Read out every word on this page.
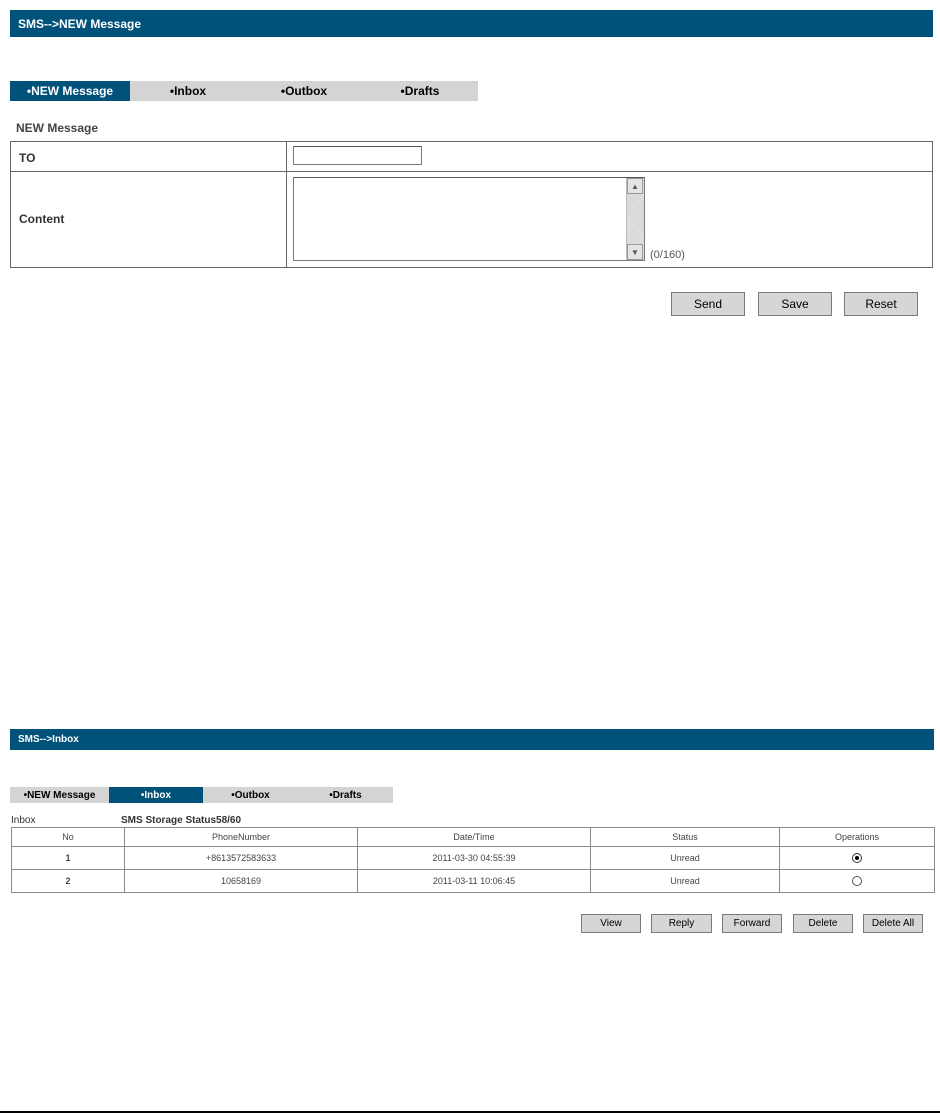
SMS-->NEW Message
•NEW Message	•Inbox	•Outbox	•Drafts
NEW Message
TO
Content
▲
▼	(0/160)
Send	Save	Reset
SMS-->Inbox
•NEW Message	•Inbox	•Outbox	•Drafts
Inbox	SMS Storage Status58/60
No	PhoneNumber	Date/Time	Status	Operations
1	+8613572583633	2011-03-30 04:55:39	Unread	

2	10658169	2011-03-11 10:06:45	Unread	
View	Reply	Forward	Delete	Delete All
